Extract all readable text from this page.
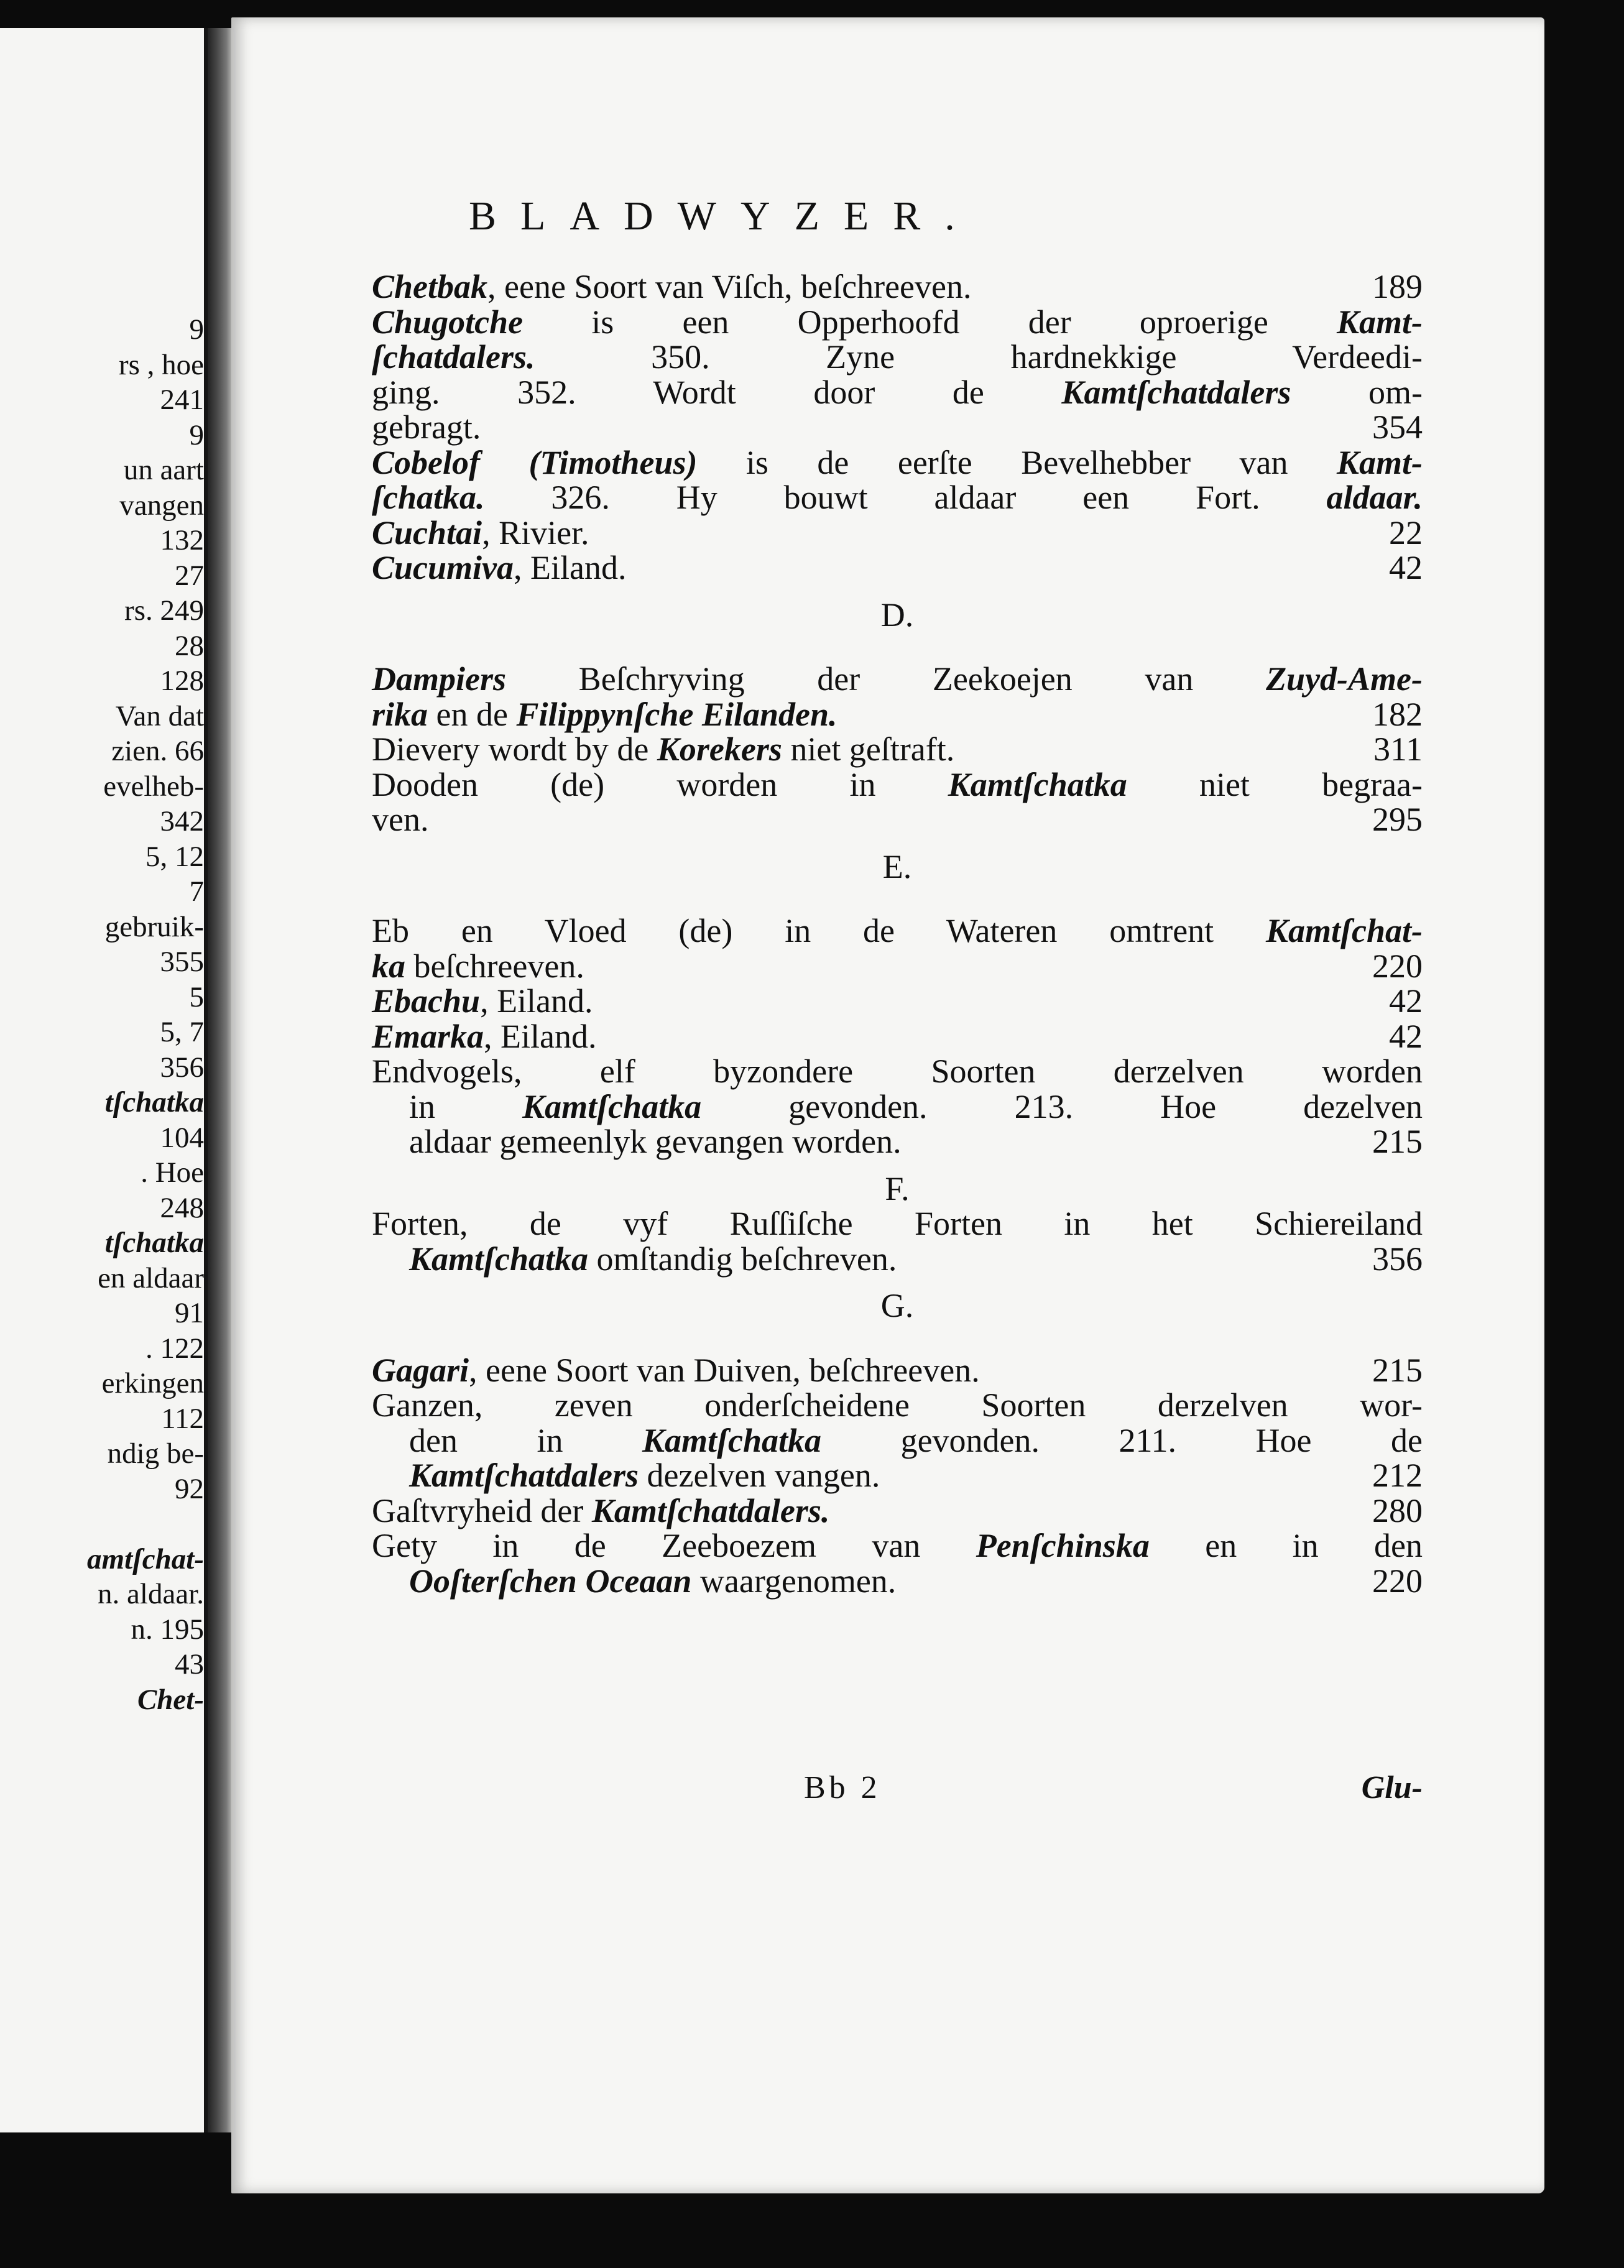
9
rs , hoe
241
9
un aart
vangen
132
27
rs. 249
28
128
Van dat
zien. 66
evelheb-
342
5, 12
7
gebruik-
355
5
5, 7
356
tſchatka
104
. Hoe
248
tſchatka
en aldaar
91
. 122
erkingen
112
ndig be-
92
amtſchat-
n. aldaar.
n. 195
43
Chet-
BLADWYZER.
Chetbak, eene Soort van Viſch, beſchreeven.	189
Chugotche is een Opperhoofd der oproerige Kamt-
ſchatdalers.	350. Zyne hardnekkige Verdeedi-
ging. 352. Wordt door de Kamtſchatdalers om-
gebragt.	354
Cobelof (Timotheus) is de eerſte Bevelhebber van Kamt-
ſchatka. 326. Hy bouwt aldaar een Fort. aldaar.
Cuchtai, Rivier.	22
Cucumiva, Eiland.	42
D.
Dampiers Beſchryving der Zeekoejen van Zuyd-Ame-
rika en de Filippynſche Eilanden.	182
Dievery wordt by de Korekers niet geſtraft.	311
Dooden (de) worden in Kamtſchatka niet begraa-
ven.	295
E.
Eb en Vloed (de) in de Wateren omtrent Kamtſchat-
ka beſchreeven.	220
Ebachu, Eiland.	42
Emarka, Eiland.	42
Endvogels, elf byzondere Soorten derzelven worden
in	Kamtſchatka	gevonden. 213. Hoe dezelven
aldaar gemeenlyk gevangen worden.	215
F.
Forten, de vyf Ruſſiſche Forten in het Schiereiland
Kamtſchatka omſtandig beſchreven.	356
G.
Gagari, eene Soort van Duiven, beſchreeven.	215
Ganzen, zeven onderſcheidene Soorten derzelven wor-
den in Kamtſchatka gevonden. 211. Hoe de
Kamtſchatdalers dezelven vangen.	212
Gaſtvryheid der Kamtſchatdalers.	280
Gety in de Zeeboezem van Penſchinska en in den
Ooſterſchen Oceaan waargenomen.	220
Bb 2	Glu-
